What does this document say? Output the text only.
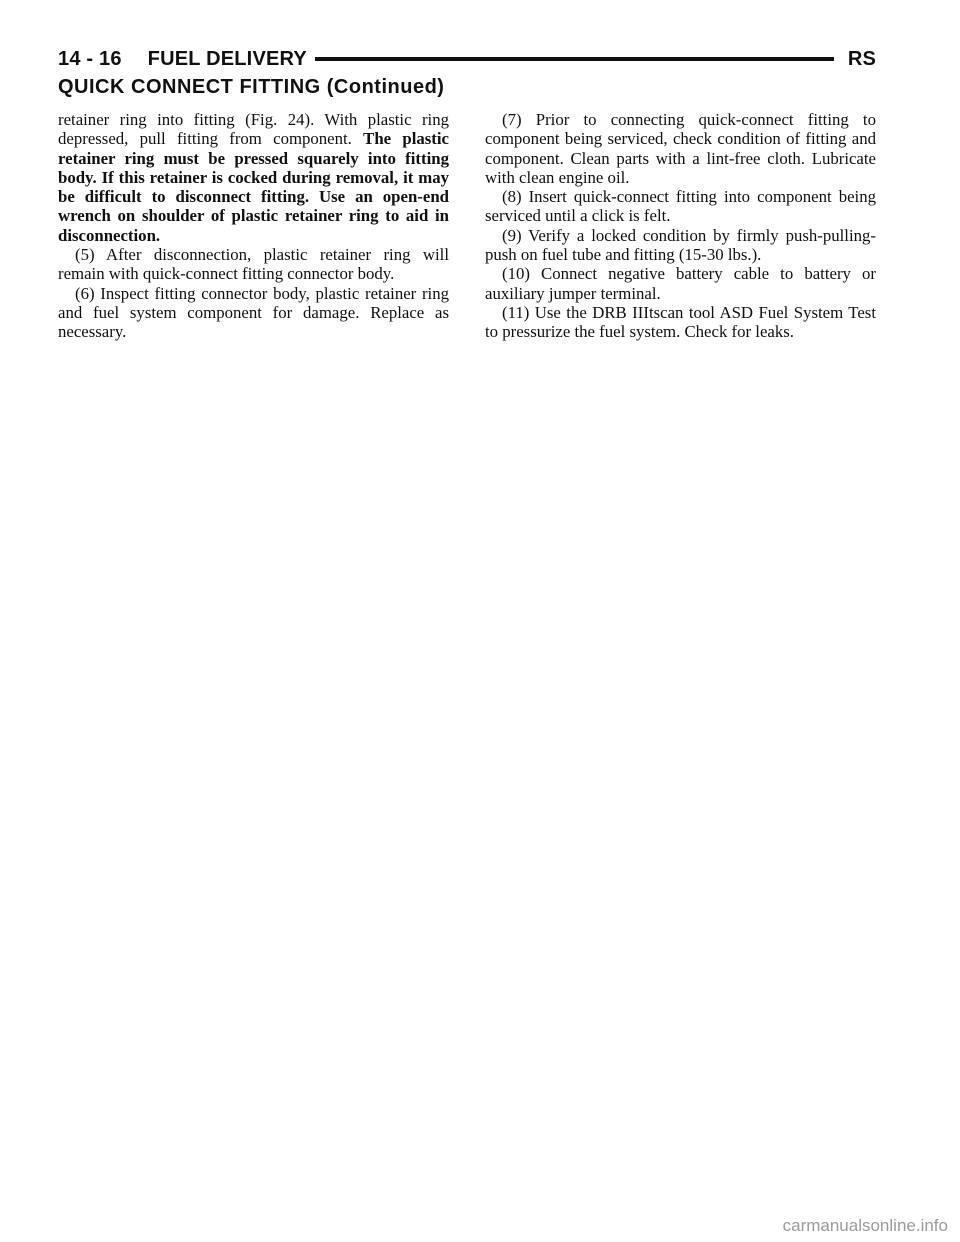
14 - 16 FUEL DELIVERY	RS
QUICK CONNECT FITTING (Continued)

retainer ring into fitting (Fig. 24). With plastic ring depressed, pull fitting from component. The plastic retainer ring must be pressed squarely into fitting body. If this retainer is cocked during removal, it may be difficult to disconnect fitting. Use an open-end wrench on shoulder of plastic retainer ring to aid in disconnection.

(5) After disconnection, plastic retainer ring will remain with quick-connect fitting connector body.

(6) Inspect fitting connector body, plastic retainer ring and fuel system component for damage. Replace as necessary.

(7) Prior to connecting quick-connect fitting to component being serviced, check condition of fitting and component. Clean parts with a lint-free cloth. Lubricate with clean engine oil.

(8) Insert quick-connect fitting into component being serviced until a click is felt.

(9) Verify a locked condition by firmly push-pulling-push on fuel tube and fitting (15-30 lbs.).

(10) Connect negative battery cable to battery or auxiliary jumper terminal.

(11) Use the DRB IIItscan tool ASD Fuel System Test to pressurize the fuel system. Check for leaks.

carmanualsonline.info
